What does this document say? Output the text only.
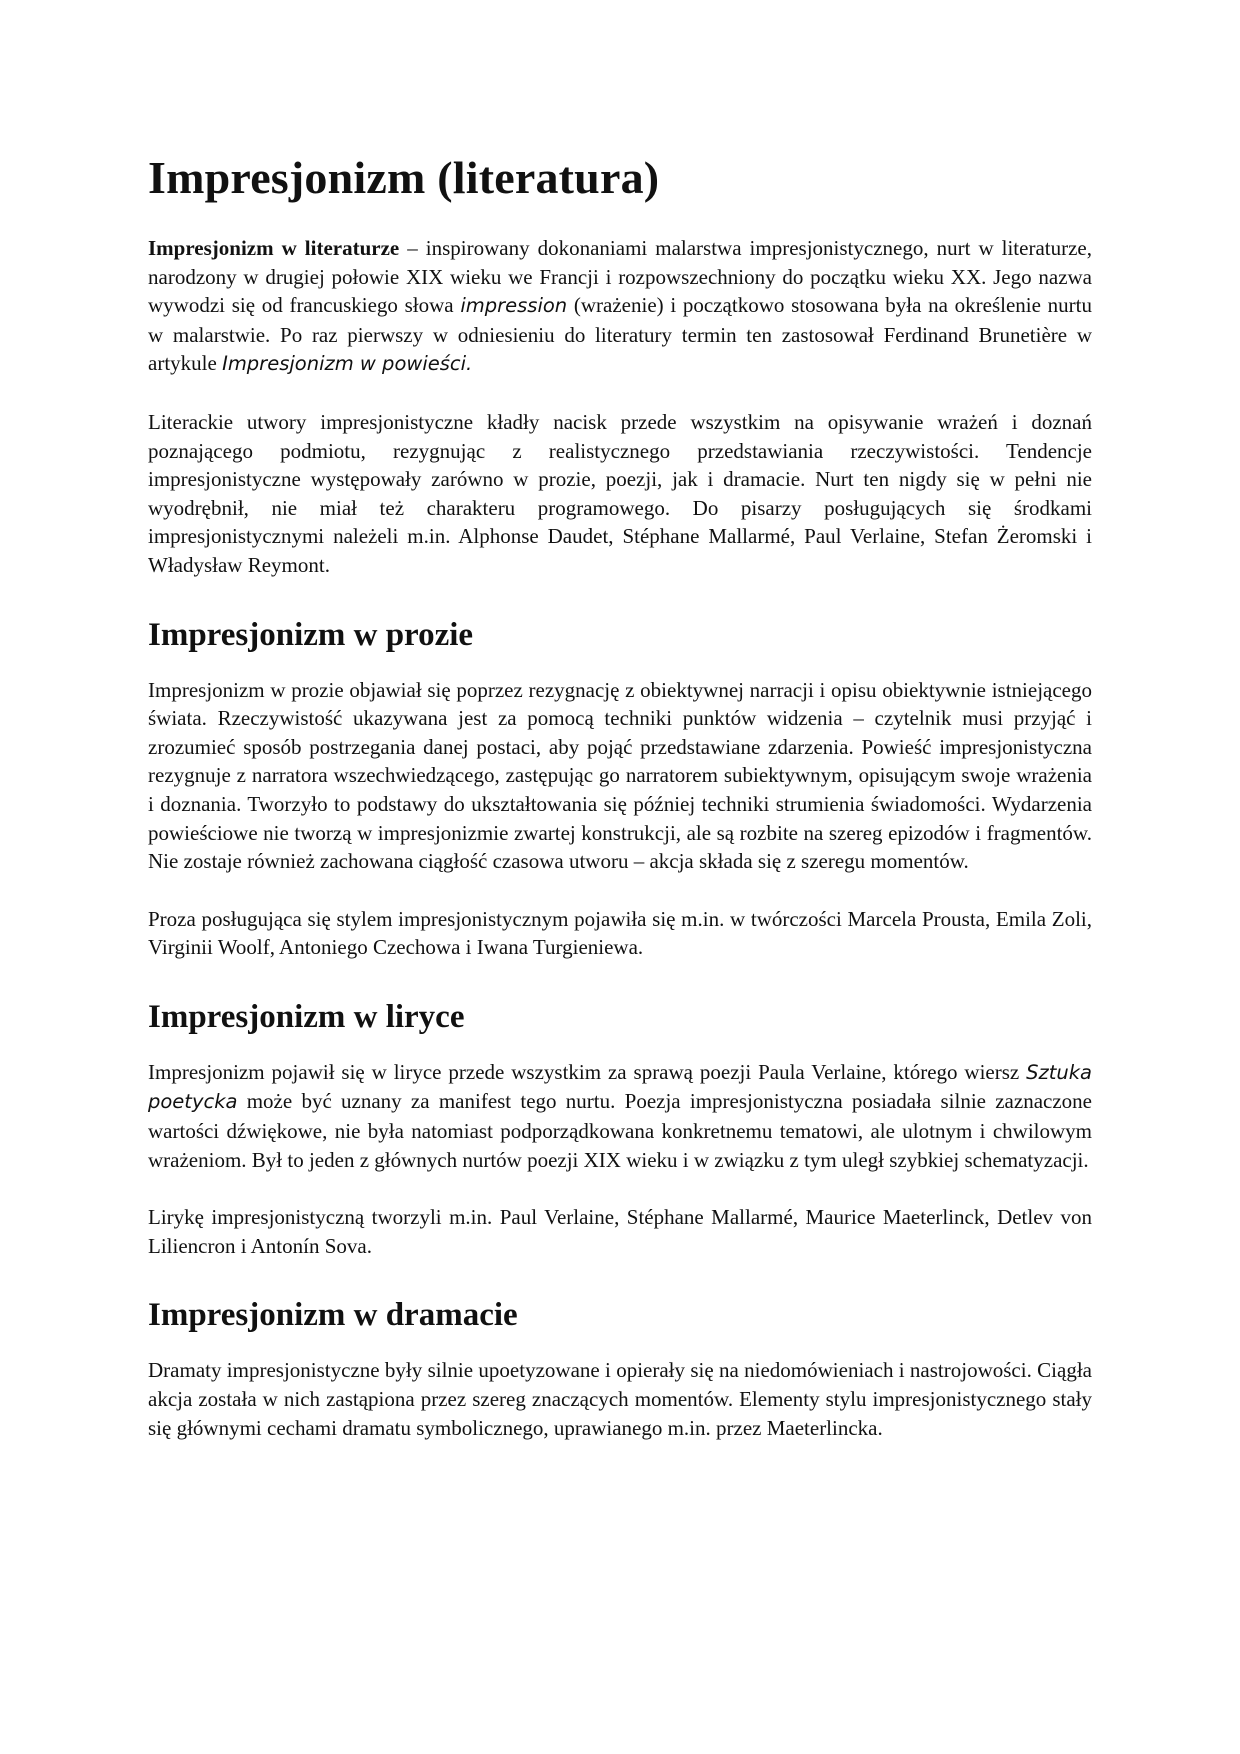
Impresjonizm (literatura)

Impresjonizm w literaturze – inspirowany dokonaniami malarstwa impresjonistycznego, nurt w literaturze, narodzony w drugiej połowie XIX wieku we Francji i rozpowszechniony do początku wieku XX. Jego nazwa wywodzi się od francuskiego słowa impression (wrażenie) i początkowo stosowana była na określenie nurtu w malarstwie. Po raz pierwszy w odniesieniu do literatury termin ten zastosował Ferdinand Brunetière w artykule Impresjonizm w powieści.

Literackie utwory impresjonistyczne kładły nacisk przede wszystkim na opisywanie wrażeń i doznań poznającego podmiotu, rezygnując z realistycznego przedstawiania rzeczywistości. Tendencje impresjonistyczne występowały zarówno w prozie, poezji, jak i dramacie. Nurt ten nigdy się w pełni nie wyodrębnił, nie miał też charakteru programowego. Do pisarzy posługujących się środkami impresjonistycznymi należeli m.in. Alphonse Daudet, Stéphane Mallarmé, Paul Verlaine, Stefan Żeromski i Władysław Reymont.

Impresjonizm w prozie

Impresjonizm w prozie objawiał się poprzez rezygnację z obiektywnej narracji i opisu obiektywnie istniejącego świata. Rzeczywistość ukazywana jest za pomocą techniki punktów widzenia – czytelnik musi przyjąć i zrozumieć sposób postrzegania danej postaci, aby pojąć przedstawiane zdarzenia. Powieść impresjonistyczna rezygnuje z narratora wszechwiedzącego, zastępując go narratorem subiektywnym, opisującym swoje wrażenia i doznania. Tworzyło to podstawy do ukształtowania się później techniki strumienia świadomości. Wydarzenia powieściowe nie tworzą w impresjonizmie zwartej konstrukcji, ale są rozbite na szereg epizodów i fragmentów. Nie zostaje również zachowana ciągłość czasowa utworu – akcja składa się z szeregu momentów.

Proza posługująca się stylem impresjonistycznym pojawiła się m.in. w twórczości Marcela Prousta, Emila Zoli, Virginii Woolf, Antoniego Czechowa i Iwana Turgieniewa.

Impresjonizm w liryce

Impresjonizm pojawił się w liryce przede wszystkim za sprawą poezji Paula Verlaine, którego wiersz Sztuka poetycka może być uznany za manifest tego nurtu. Poezja impresjonistyczna posiadała silnie zaznaczone wartości dźwiękowe, nie była natomiast podporządkowana konkretnemu tematowi, ale ulotnym i chwilowym wrażeniom. Był to jeden z głównych nurtów poezji XIX wieku i w związku z tym uległ szybkiej schematyzacji.

Lirykę impresjonistyczną tworzyli m.in. Paul Verlaine, Stéphane Mallarmé, Maurice Maeterlinck, Detlev von Liliencron i Antonín Sova.

Impresjonizm w dramacie

Dramaty impresjonistyczne były silnie upoetyzowane i opierały się na niedomówieniach i nastrojowości. Ciągła akcja została w nich zastąpiona przez szereg znaczących momentów. Elementy stylu impresjonistycznego stały się głównymi cechami dramatu symbolicznego, uprawianego m.in. przez Maeterlincka.
